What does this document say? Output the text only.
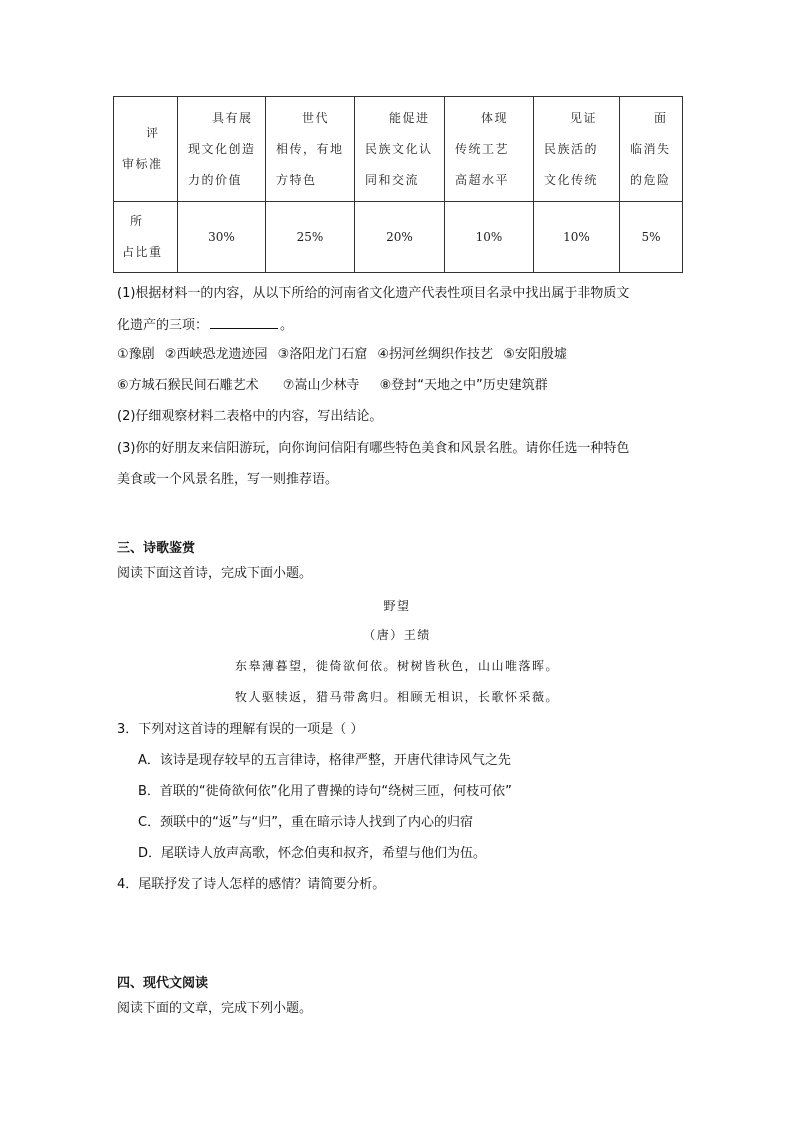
评
审标准	具有展
现文化创造
力的价值	世代
相传，有地
方特色	能促进
民族文化认
同和交流	体现
传统工艺
高超水平	见证
民族活的
文化传统	面
临消失
的危险

所
占比重	30%	25%	20%	10%	10%	5%
(1)根据材料一的内容，从以下所给的河南省文化遗产代表性项目名录中找出属于非物质文
化遗产的三项：	。
①豫剧 ②西峡恐龙遗迹园 ③洛阳龙门石窟 ④拐河丝绸织作技艺 ⑤安阳殷墟
⑥方城石猴民间石雕艺术 ⑦嵩山少林寺 ⑧登封“天地之中”历史建筑群
(2)仔细观察材料二表格中的内容，写出结论。
(3)你的好朋友来信阳游玩，向你询问信阳有哪些特色美食和风景名胜。请你任选一种特色
美食或一个风景名胜，写一则推荐语。
三、诗歌鉴赏
阅读下面这首诗，完成下面小题。
野望
（唐）王绩
东皋薄暮望，徙倚欲何依。树树皆秋色，山山唯落晖。
牧人驱犊返，猎马带禽归。相顾无相识，长歌怀采薇。
3．下列对这首诗的理解有误的一项是（ ）
A．该诗是现存较早的五言律诗，格律严整，开唐代律诗风气之先
B．首联的“徙倚欲何依”化用了曹操的诗句“绕树三匝，何枝可依”
C．颈联中的“返”与“归”，重在暗示诗人找到了内心的归宿
D．尾联诗人放声高歌，怀念伯夷和叔齐，希望与他们为伍。
4．尾联抒发了诗人怎样的感情？请简要分析。
四、现代文阅读
阅读下面的文章，完成下列小题。
